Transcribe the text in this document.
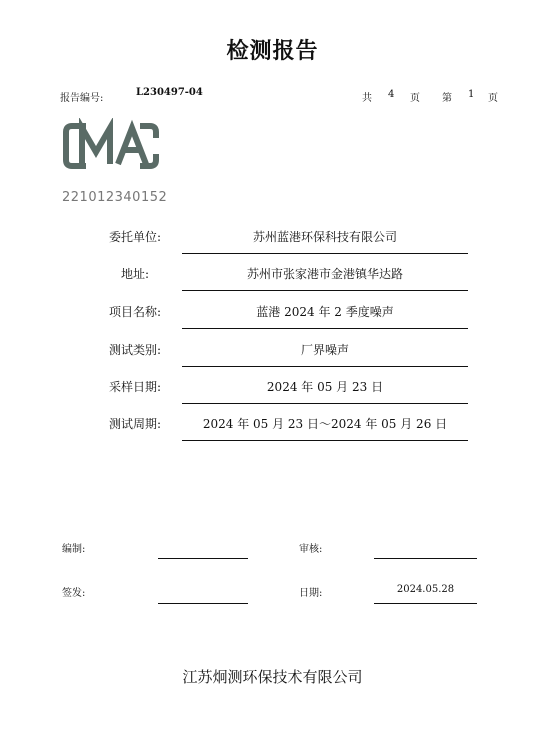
检测报告
报告编号:
L230497-04
共 4 页 第 1 页
221012340152
委托单位:	苏州蓝港环保科技有限公司
地址:	苏州市张家港市金港镇华达路
项目名称:	蓝港 2024 年 2 季度噪声
测试类别:	厂界噪声
采样日期:	2024 年 05 月 23 日
测试周期:	2024 年 05 月 23 日～2024 年 05 月 26 日
编制:	审核:
签发:	日期:	2024.05.28
江苏炯测环保技术有限公司
